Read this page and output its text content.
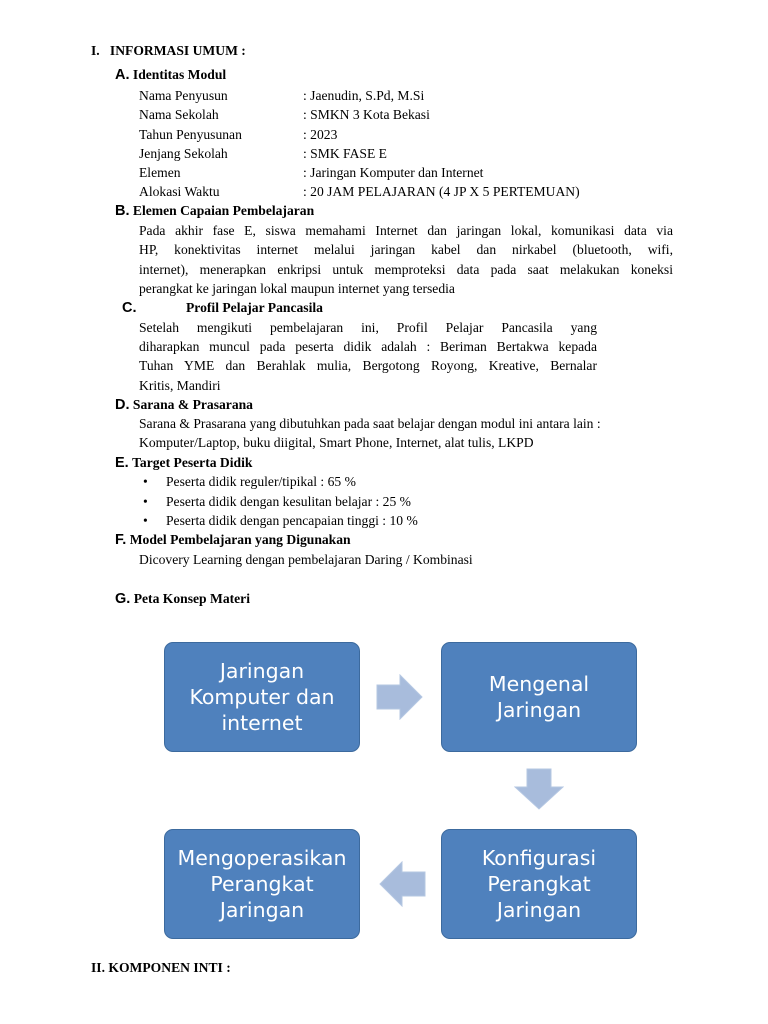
I. INFORMASI UMUM :
A. Identitas Modul
Nama Penyusun	: Jaenudin, S.Pd, M.Si
Nama Sekolah	: SMKN 3 Kota Bekasi
Tahun Penyusunan	: 2023
Jenjang Sekolah	: SMK FASE E
Elemen	: Jaringan Komputer dan Internet
Alokasi Waktu	: 20 JAM PELAJARAN (4 JP X 5 PERTEMUAN)
B. Elemen Capaian Pembelajaran
Pada akhir fase E, siswa memahami Internet dan jaringan lokal, komunikasi data via
HP, konektivitas internet melalui jaringan kabel dan nirkabel (bluetooth, wifi,
internet), menerapkan enkripsi untuk memproteksi data pada saat melakukan koneksi
perangkat ke jaringan lokal maupun internet yang tersedia
C.	Profil Pelajar Pancasila
Setelah mengikuti pembelajaran ini, Profil Pelajar Pancasila yang
diharapkan muncul pada peserta didik adalah : Beriman Bertakwa kepada
Tuhan YME dan Berahlak mulia, Bergotong Royong, Kreative, Bernalar
Kritis, Mandiri
D. Sarana & Prasarana
Sarana & Prasarana yang dibutuhkan pada saat belajar dengan modul ini antara lain :
Komputer/Laptop, buku diigital, Smart Phone, Internet, alat tulis, LKPD
E. Target Peserta Didik
• Peserta didik reguler/tipikal : 65 %
• Peserta didik dengan kesulitan belajar : 25 %
• Peserta didik dengan pencapaian tinggi : 10 %
F. Model Pembelajaran yang Digunakan
Dicovery Learning dengan pembelajaran Daring / Kombinasi
G. Peta Konsep Materi
Jaringan
Komputer dan
internet
Mengenal
Jaringan
Konfigurasi
Perangkat
Jaringan
Mengoperasikan
Perangkat
Jaringan
II. KOMPONEN INTI :
